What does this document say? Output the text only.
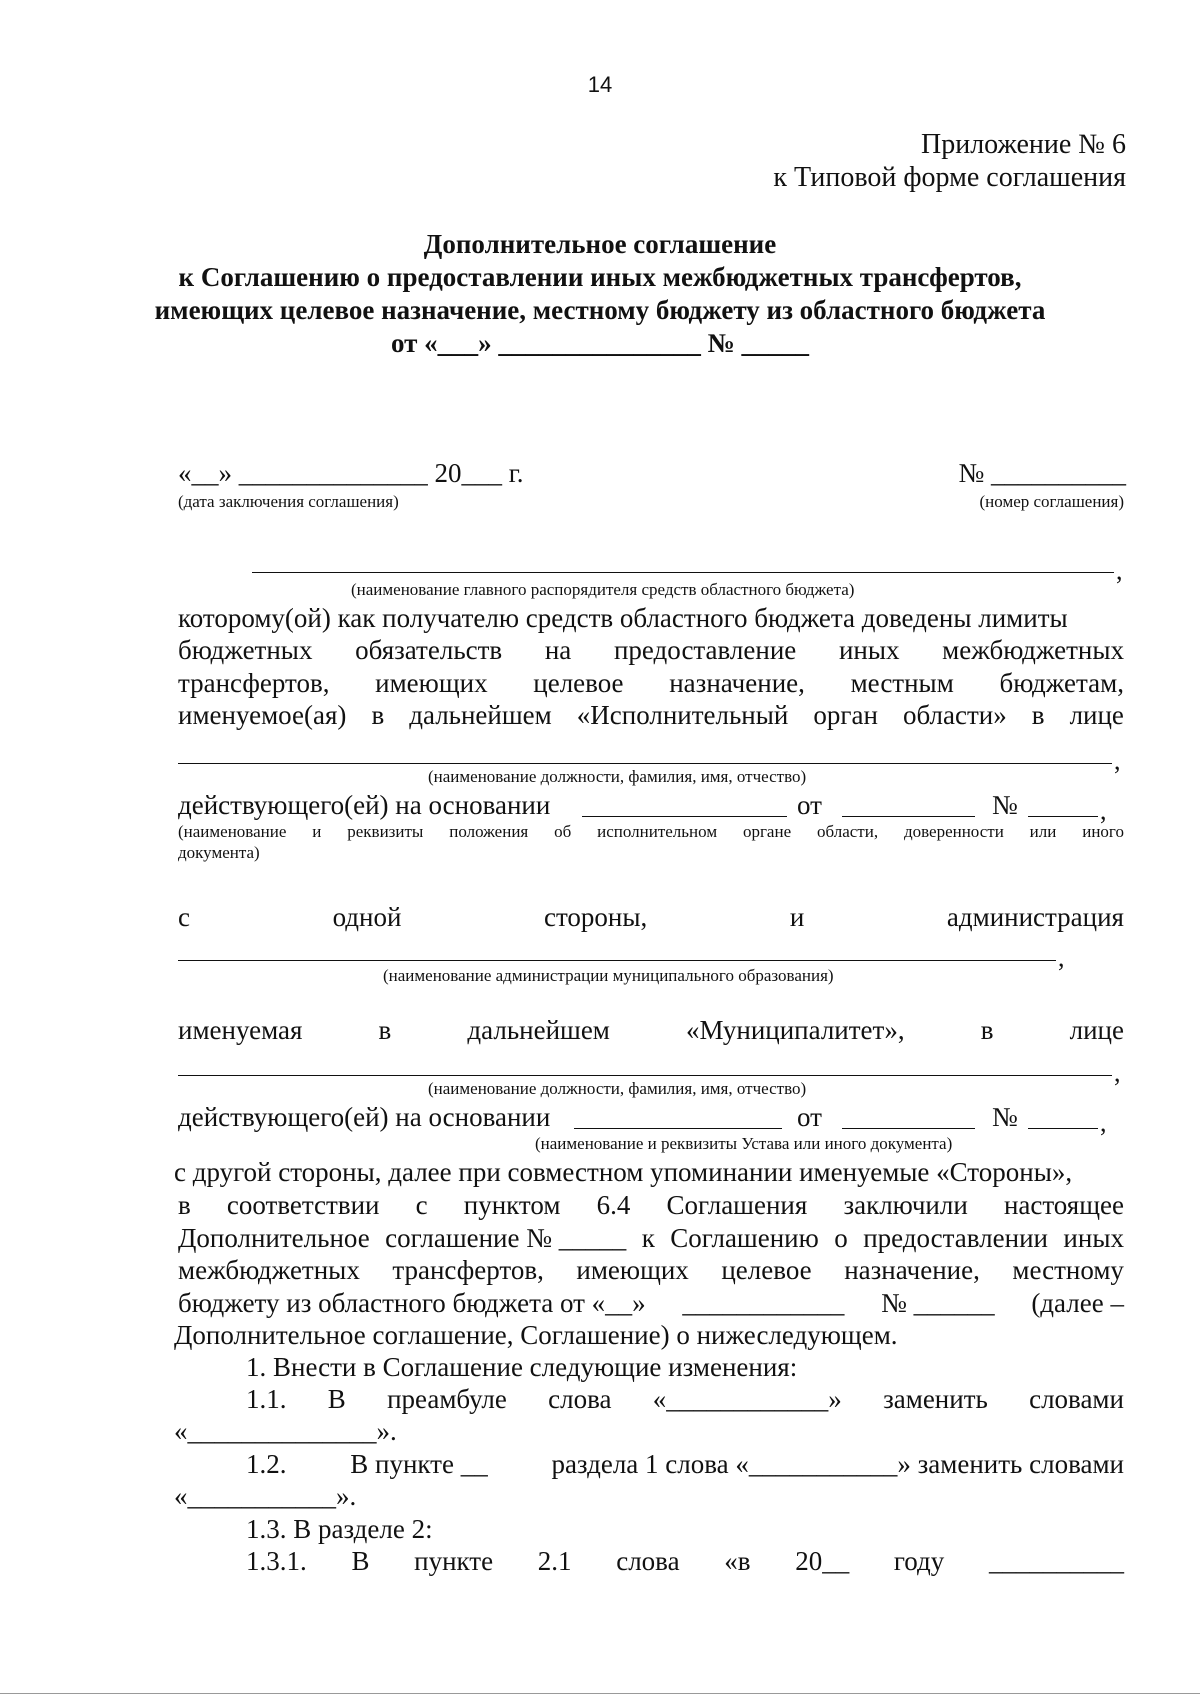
14
Приложение № 6
к Типовой форме соглашения
Дополнительное соглашение
к Соглашению о предоставлении иных межбюджетных трансфертов,
имеющих целевое назначение, местному бюджету из областного бюджета
от «___» _______________ № _____
«__» ______________ 20___ г.
(дата заключения соглашения)
№ __________
(номер соглашения)
,
(наименование главного распорядителя средств областного бюджета)
которому(ой) как получателю средств областного бюджета доведены лимиты
бюджетных обязательств на предоставление иных межбюджетных
трансфертов, имеющих целевое назначение, местным бюджетам,
именуемое(ая) в дальнейшем «Исполнительный орган области» в лице
,
(наименование должности, фамилия, имя, отчество)
действующего(ей) на основании	от	№	,
(наименование и реквизиты положения об исполнительном органе области, доверенности или иного
документа)
с	одной	стороны,	и	администрация
,
(наименование администрации муниципального образования)
именуемая	в	дальнейшем	«Муниципалитет»,	в	лице
,
(наименование должности, фамилия, имя, отчество)
действующего(ей) на основании	от	№	,
(наименование и реквизиты Устава или иного документа)
с другой стороны, далее при совместном упоминании именуемые «Стороны»,
в соответствии с пунктом 6.4 Соглашения заключили настоящее
Дополнительное соглашение № _____ к Соглашению о предоставлении иных
межбюджетных трансфертов, имеющих целевое назначение, местному
бюджету из областного бюджета от «__» ____________ № ______ (далее –
Дополнительное соглашение, Соглашение) о нижеследующем.
1. Внести в Соглашение следующие изменения:
1.1. В преамбуле слова «____________» заменить словами
«______________».
1.2. В пункте __ раздела 1 слова «___________» заменить словами
«___________».
1.3. В разделе 2:
1.3.1. В пункте 2.1 слова «в 20__ году __________
